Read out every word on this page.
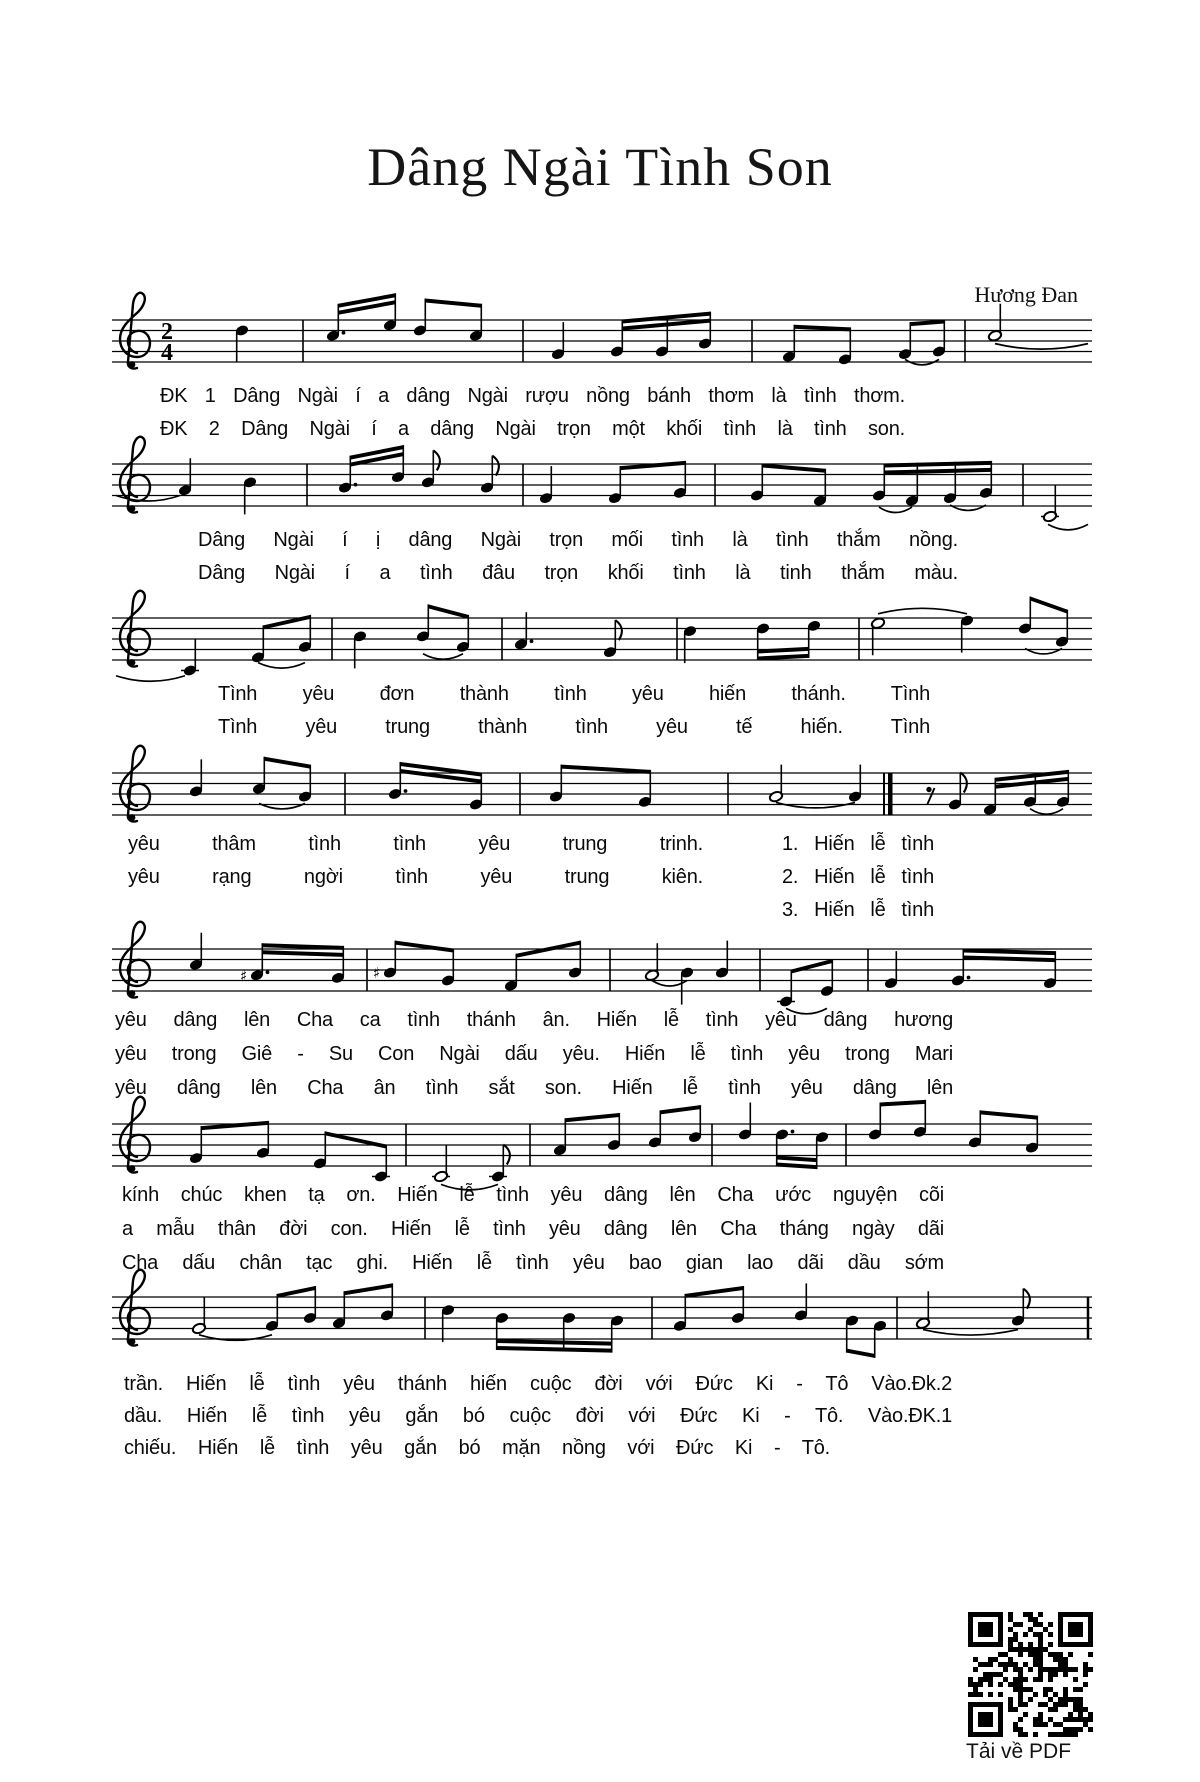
Dâng Ngài Tình Son
Hương Đan
2
4
ĐK 1 Dâng Ngài í a dâng Ngài rượu nồng bánh thơm là tình thơm.
ĐK 2 Dâng Ngài í a dâng Ngài trọn một khối tình là tình son.
Dâng Ngài í ị dâng Ngài trọn mối tình là tình thắm nồng.
Dâng Ngài í a tình đâu trọn khối tình là tinh thắm màu.
Tình yêu đơn thành tình yêu hiến thánh. Tình
Tình yêu trung thành tình yêu tế hiến. Tình
yêu thâm tình tình yêu trung trinh.
yêu rạng ngời tình yêu trung kiên.
1. Hiến lễ tình
2. Hiến lễ tình
3. Hiến lễ tình
♯	♯
yêu dâng lên Cha ca tình thánh ân. Hiến lễ tình yêu dâng hương
yêu trong Giê - Su Con Ngài dấu yêu. Hiến lễ tình yêu trong Mari
yêu dâng lên Cha ân tình sắt son. Hiến lễ tình yêu dâng lên
kính chúc khen tạ ơn. Hiến lễ tình yêu dâng lên Cha ước nguyện cõi
a mẫu thân đời con. Hiến lễ tình yêu dâng lên Cha tháng ngày dãi
Cha dấu chân tạc ghi. Hiến lễ tình yêu bao gian lao dãi dầu sớm
trần. Hiến lễ tình yêu thánh hiến cuộc đời với Đức Ki - Tô Vào.Đk.2
dầu. Hiến lễ tình yêu gắn bó cuộc đời với Đức Ki - Tô. Vào.ĐK.1
chiếu. Hiến lễ tình yêu gắn bó mặn nồng với Đức Ki - Tô.
Tải về PDF
